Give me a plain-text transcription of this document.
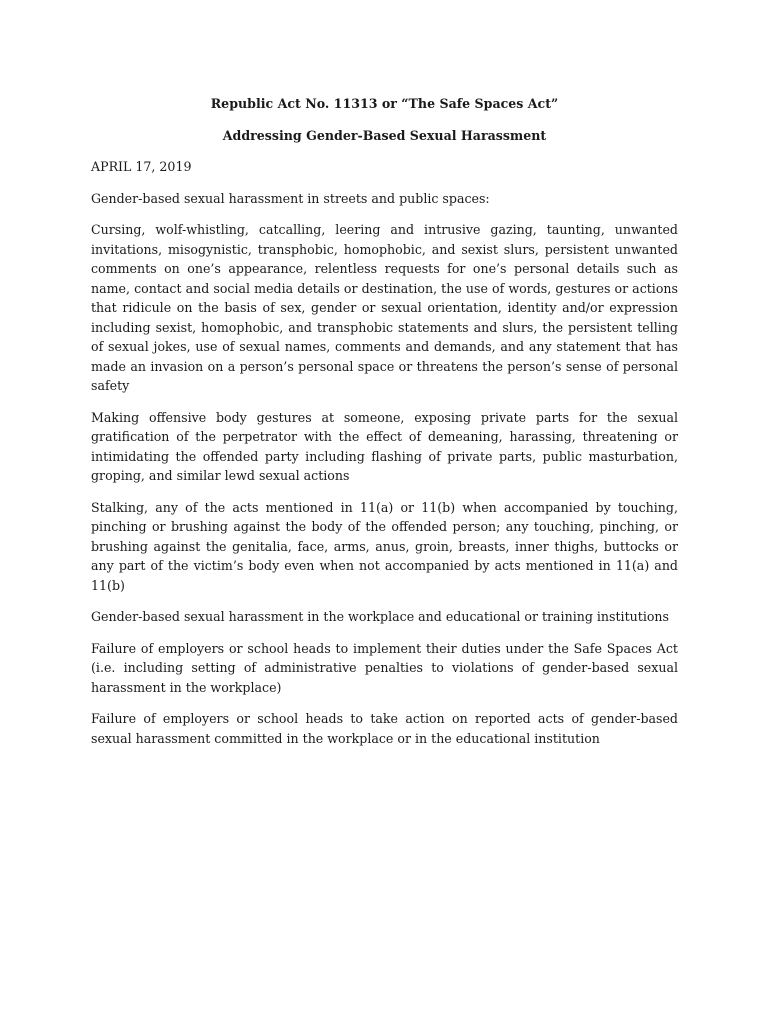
Republic Act No. 11313 or “The Safe Spaces Act”

Addressing Gender-Based Sexual Harassment

APRIL 17, 2019

Gender-based sexual harassment in streets and public spaces:

Cursing, wolf-whistling, catcalling, leering and intrusive gazing, taunting, unwanted invitations, misogynistic, transphobic, homophobic, and sexist slurs, persistent unwanted comments on one’s appearance, relentless requests for one’s personal details such as name, contact and social media details or destination, the use of words, gestures or actions that ridicule on the basis of sex, gender or sexual orientation, identity and/or expression including sexist, homophobic, and transphobic statements and slurs, the persistent telling of sexual jokes, use of sexual names, comments and demands, and any statement that has made an invasion on a person’s personal space or threatens the person’s sense of personal safety

Making offensive body gestures at someone, exposing private parts for the sexual gratification of the perpetrator with the effect of demeaning, harassing, threatening or intimidating the offended party including flashing of private parts, public masturbation, groping, and similar lewd sexual actions

Stalking, any of the acts mentioned in 11(a) or 11(b) when accompanied by touching, pinching or brushing against the body of the offended person; any touching, pinching, or brushing against the genitalia, face, arms, anus, groin, breasts, inner thighs, buttocks or any part of the victim’s body even when not accompanied by acts mentioned in 11(a) and 11(b)

Gender-based sexual harassment in the workplace and educational or training institutions

Failure of employers or school heads to implement their duties under the Safe Spaces Act (i.e. including setting of administrative penalties to violations of gender-based sexual harassment in the workplace)

Failure of employers or school heads to take action on reported acts of gender-based sexual harassment committed in the workplace or in the educational institution
